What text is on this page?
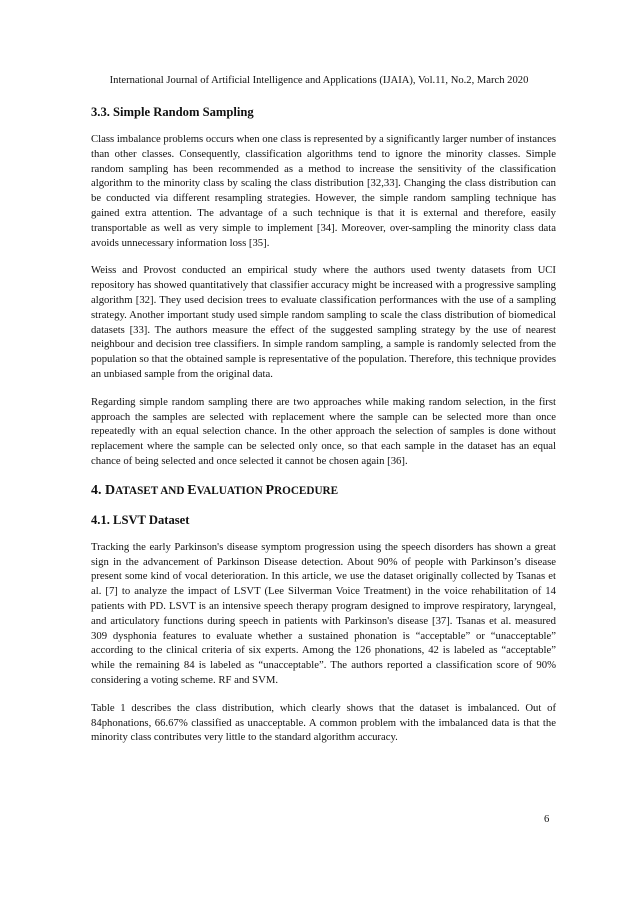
International Journal of Artificial Intelligence and Applications (IJAIA), Vol.11, No.2, March 2020
3.3. Simple Random Sampling

Class imbalance problems occurs when one class is represented by a significantly larger number of instances than other classes. Consequently, classification algorithms tend to ignore the minority classes. Simple random sampling has been recommended as a method to increase the sensitivity of the classification algorithm to the minority class by scaling the class distribution [32,33]. Changing the class distribution can be conducted via different resampling strategies. However, the simple random sampling technique has gained extra attention. The advantage of a such technique is that it is external and therefore, easily transportable as well as very simple to implement [34]. Moreover, over-sampling the minority class data avoids unnecessary information loss [35].

Weiss and Provost conducted an empirical study where the authors used twenty datasets from UCI repository has showed quantitatively that classifier accuracy might be increased with a progressive sampling algorithm [32]. They used decision trees to evaluate classification performances with the use of a sampling strategy. Another important study used simple random sampling to scale the class distribution of biomedical datasets [33]. The authors measure the effect of the suggested sampling strategy by the use of nearest neighbour and decision tree classifiers. In simple random sampling, a sample is randomly selected from the population so that the obtained sample is representative of the population. Therefore, this technique provides an unbiased sample from the original data.

Regarding simple random sampling there are two approaches while making random selection, in the first approach the samples are selected with replacement where the sample can be selected more than once repeatedly with an equal selection chance. In the other approach the selection of samples is done without replacement where the sample can be selected only once, so that each sample in the dataset has an equal chance of being selected and once selected it cannot be chosen again [36].

4. DATASET AND EVALUATION PROCEDURE
4.1. LSVT Dataset

Tracking the early Parkinson's disease symptom progression using the speech disorders has shown a great sign in the advancement of Parkinson Disease detection. About 90% of people with Parkinson’s disease present some kind of vocal deterioration. In this article, we use the dataset originally collected by Tsanas et al. [7] to analyze the impact of LSVT (Lee Silverman Voice Treatment) in the voice rehabilitation of 14 patients with PD. LSVT is an intensive speech therapy program designed to improve respiratory, laryngeal, and articulatory functions during speech in patients with Parkinson's disease [37]. Tsanas et al. measured 309 dysphonia features to evaluate whether a sustained phonation is “acceptable” or “unacceptable” according to the clinical criteria of six experts. Among the 126 phonations, 42 is labeled as “acceptable” while the remaining 84 is labeled as “unacceptable”. The authors reported a classification score of 90% considering a voting scheme. RF and SVM.

Table 1 describes the class distribution, which clearly shows that the dataset is imbalanced. Out of 84phonations, 66.67% classified as unacceptable. A common problem with the imbalanced data is that the minority class contributes very little to the standard algorithm accuracy.

6
